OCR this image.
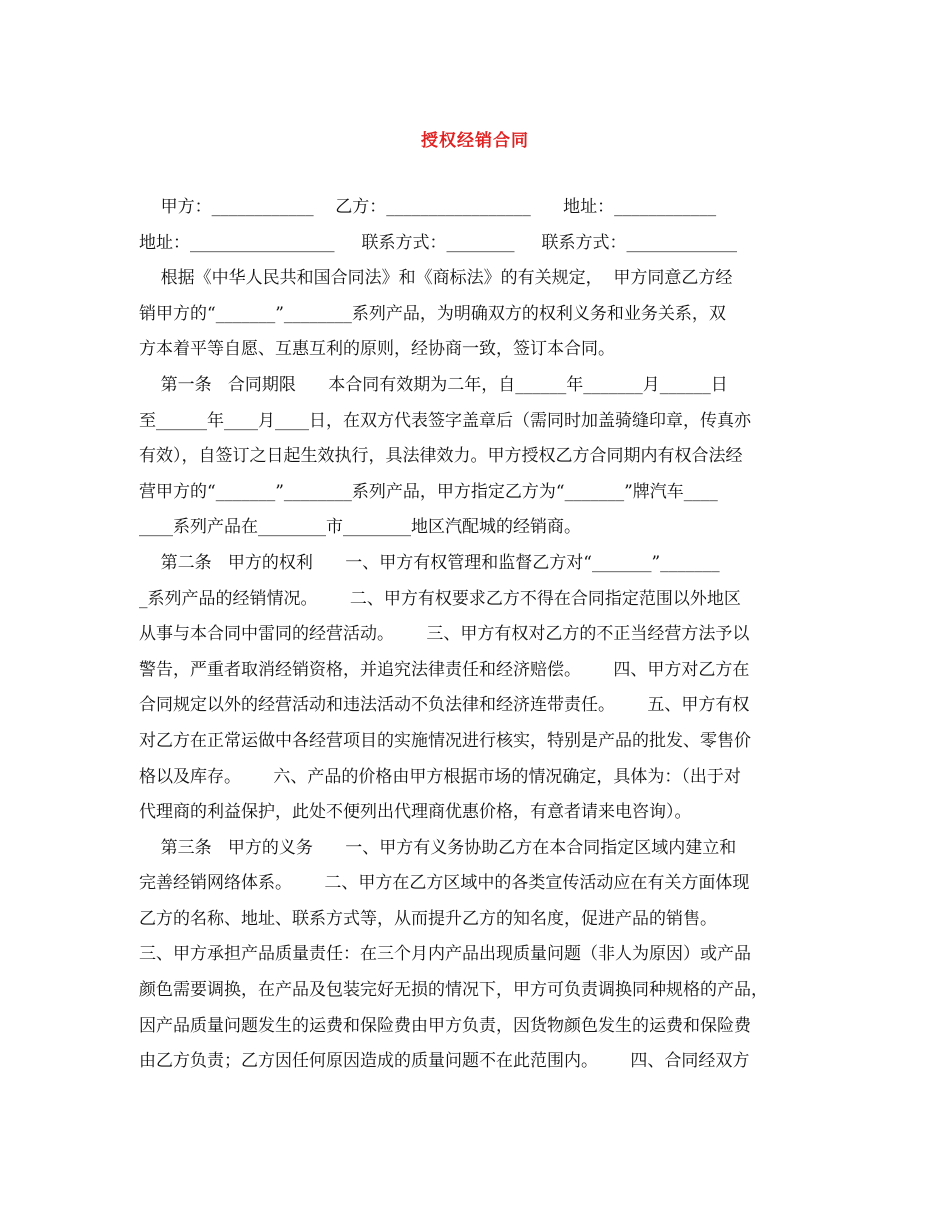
授权经销合同
甲方：____________    乙方：_________________      地址：____________
地址：_________________     联系方式：________     联系方式：_____________
根据《中华人民共和国合同法》和《商标法》的有关规定，  甲方同意乙方经
销甲方的“_______”________系列产品，为明确双方的权利义务和业务关系，双
方本着平等自愿、互惠互利的原则，经协商一致，签订本合同。
第一条   合同期限      本合同有效期为二年，自______年_______月______日
至______年____月____日，在双方代表签字盖章后（需同时加盖骑缝印章，传真亦
有效），自签订之日起生效执行，具法律效力。甲方授权乙方合同期内有权合法经
营甲方的“_______”________系列产品，甲方指定乙方为“_______”牌汽车____
____系列产品在________市________地区汽配城的经销商。
第二条   甲方的权利      一、甲方有权管理和监督乙方对“_______”_______
_系列产品的经销情况。      二、甲方有权要求乙方不得在合同指定范围以外地区
从事与本合同中雷同的经营活动。      三、甲方有权对乙方的不正当经营方法予以
警告，严重者取消经销资格，并追究法律责任和经济赔偿。      四、甲方对乙方在
合同规定以外的经营活动和违法活动不负法律和经济连带责任。      五、甲方有权
对乙方在正常运做中各经营项目的实施情况进行核实，特别是产品的批发、零售价
格以及库存。      六、产品的价格由甲方根据市场的情况确定，具体为：（出于对
代理商的利益保护，此处不便列出代理商优惠价格，有意者请来电咨询）。
第三条   甲方的义务      一、甲方有义务协助乙方在本合同指定区域内建立和
完善经销网络体系。      二、甲方在乙方区域中的各类宣传活动应在有关方面体现
乙方的名称、地址、联系方式等，从而提升乙方的知名度，促进产品的销售。
三、甲方承担产品质量责任：在三个月内产品出现质量问题（非人为原因）或产品
颜色需要调换，在产品及包装完好无损的情况下，甲方可负责调换同种规格的产品，
因产品质量问题发生的运费和保险费由甲方负责，因货物颜色发生的运费和保险费
由乙方负责；乙方因任何原因造成的质量问题不在此范围内。      四、合同经双方
